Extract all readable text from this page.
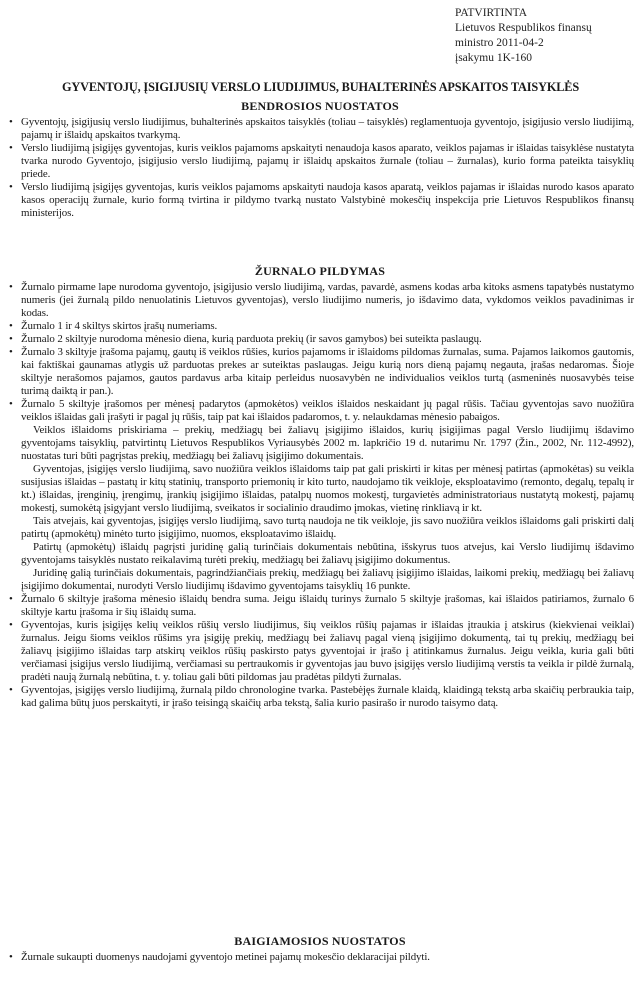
PATVIRTINTA
Lietuvos Respublikos finansų
ministro 2011-04-2
įsakymu 1K-160
GYVENTOJŲ, ĮSIGIJUSIŲ VERSLO LIUDIJIMUS, BUHALTERINĖS APSKAITOS TAISYKLĖS
BENDROSIOS NUOSTATOS
• Gyventojų, įsigijusių verslo liudijimus, buhalterinės apskaitos taisyklės (toliau – taisyklės) reglamentuoja gyventojo, įsigijusio verslo liudijimą, pajamų ir išlaidų apskaitos tvarkymą.
• Verslo liudijimą įsigijęs gyventojas, kuris veiklos pajamoms apskaityti nenaudoja kasos aparato, veiklos pajamas ir išlaidas taisyklėse nustatyta tvarka nurodo Gyventojo, įsigijusio verslo liudijimą, pajamų ir išlaidų apskaitos žurnale (toliau – žurnalas), kurio forma pateikta taisyklių priede.
• Verslo liudijimą įsigijęs gyventojas, kuris veiklos pajamoms apskaityti naudoja kasos aparatą, veiklos pajamas ir išlaidas nurodo kasos aparato kasos operacijų žurnale, kurio formą tvirtina ir pildymo tvarką nustato Valstybinė mokesčių inspekcija prie Lietuvos Respublikos finansų ministerijos.
ŽURNALO PILDYMAS
• Žurnalo pirmame lape nurodoma gyventojo, įsigijusio verslo liudijimą, vardas, pavardė, asmens kodas arba kitoks asmens tapatybės nustatymo numeris (jei žurnalą pildo nenuolatinis Lietuvos gyventojas), verslo liudijimo numeris, jo išdavimo data, vykdomos veiklos pavadinimas ir kodas.
• Žurnalo 1 ir 4 skiltys skirtos įrašų numeriams.
• Žurnalo 2 skiltyje nurodoma mėnesio diena, kurią parduota prekių (ir savos gamybos) bei suteikta paslaugų.
• Žurnalo 3 skiltyje įrašoma pajamų, gautų iš veiklos rūšies, kurios pajamoms ir išlaidoms pildomas žurnalas, suma. Pajamos laikomos gautomis, kai faktiškai gaunamas atlygis už parduotas prekes ar suteiktas paslaugas. Jeigu kurią nors dieną pajamų negauta, įrašas nedaromas. Šioje skiltyje nerašomos pajamos, gautos pardavus arba kitaip perleidus nuosavybėn ne individualios veiklos turtą (asmeninės nuosavybės teise turimą daiktą ir pan.).
• Žurnalo 5 skiltyje įrašomos per mėnesį padarytos (apmokėtos) veiklos išlaidos neskaidant jų pagal rūšis. Tačiau gyventojas savo nuožiūra veiklos išlaidas gali įrašyti ir pagal jų rūšis, taip pat kai išlaidos padaromos, t. y. nelaukdamas mėnesio pabaigos.

Veiklos išlaidoms priskiriama – prekių, medžiagų bei žaliavų įsigijimo išlaidos, kurių įsigijimas pagal Verslo liudijimų išdavimo gyventojams taisyklių, patvirtintų Lietuvos Respublikos Vyriausybės 2002 m. lapkričio 19 d. nutarimu Nr. 1797 (Žin., 2002, Nr. 112-4992), nuostatas turi būti pagrįstas prekių, medžiagų bei žaliavų įsigijimo dokumentais.

Gyventojas, įsigijęs verslo liudijimą, savo nuožiūra veiklos išlaidoms taip pat gali priskirti ir kitas per mėnesį patirtas (apmokėtas) su veikla susijusias išlaidas – pastatų ir kitų statinių, transporto priemonių ir kito turto, naudojamo tik veikloje, eksploatavimo (remonto, degalų, tepalų ir kt.) išlaidas, įrenginių, įrengimų, įrankių įsigijimo išlaidas, patalpų nuomos mokestį, turgavietės administratoriaus nustatytą mokestį, pajamų mokestį, sumokėtą įsigyjant verslo liudijimą, sveikatos ir socialinio draudimo įmokas, vietinę rinkliavą ir kt.

Tais atvejais, kai gyventojas, įsigijęs verslo liudijimą, savo turtą naudoja ne tik veikloje, jis savo nuožiūra veiklos išlaidoms gali priskirti dalį patirtų (apmokėtų) minėto turto įsigijimo, nuomos, eksploatavimo išlaidų.

Patirtų (apmokėtų) išlaidų pagrįsti juridinę galią turinčiais dokumentais nebūtina, išskyrus tuos atvejus, kai Verslo liudijimų išdavimo gyventojams taisyklės nustato reikalavimą turėti prekių, medžiagų bei žaliavų įsigijimo dokumentus.

Juridinę galią turinčiais dokumentais, pagrindžiančiais prekių, medžiagų bei žaliavų įsigijimo išlaidas, laikomi prekių, medžiagų bei žaliavų įsigijimo dokumentai, nurodyti Verslo liudijimų išdavimo gyventojams taisyklių 16 punkte.

• Žurnalo 6 skiltyje įrašoma mėnesio išlaidų bendra suma. Jeigu išlaidų turinys žurnalo 5 skiltyje įrašomas, kai išlaidos patiriamos, žurnalo 6 skiltyje kartu įrašoma ir šių išlaidų suma.
• Gyventojas, kuris įsigijęs kelių veiklos rūšių verslo liudijimus, šių veiklos rūšių pajamas ir išlaidas įtraukia į atskirus (kiekvienai veiklai) žurnalus. Jeigu šioms veiklos rūšims yra įsigiję prekių, medžiagų bei žaliavų pagal vieną įsigijimo dokumentą, tai tų prekių, medžiagų bei žaliavų įsigijimo išlaidas tarp atskirų veiklos rūšių paskirsto patys gyventojai ir įrašo į atitinkamus žurnalus. Jeigu veikla, kuria gali būti verčiamasi įsigijus verslo liudijimą, verčiamasi su pertraukomis ir gyventojas jau buvo įsigijęs verslo liudijimą verstis ta veikla ir pildė žurnalą, pradėti naują žurnalą nebūtina, t. y. toliau gali būti pildomas jau pradėtas pildyti žurnalas.
• Gyventojas, įsigijęs verslo liudijimą, žurnalą pildo chronologine tvarka. Pastebėjęs žurnale klaidą, klaidingą tekstą arba skaičių perbraukia taip, kad galima būtų juos perskaityti, ir įrašo teisingą skaičių arba tekstą, šalia kurio pasirašo ir nurodo taisymo datą.
BAIGIAMOSIOS NUOSTATOS
• Žurnale sukaupti duomenys naudojami gyventojo metinei pajamų mokesčio deklaracijai pildyti.
